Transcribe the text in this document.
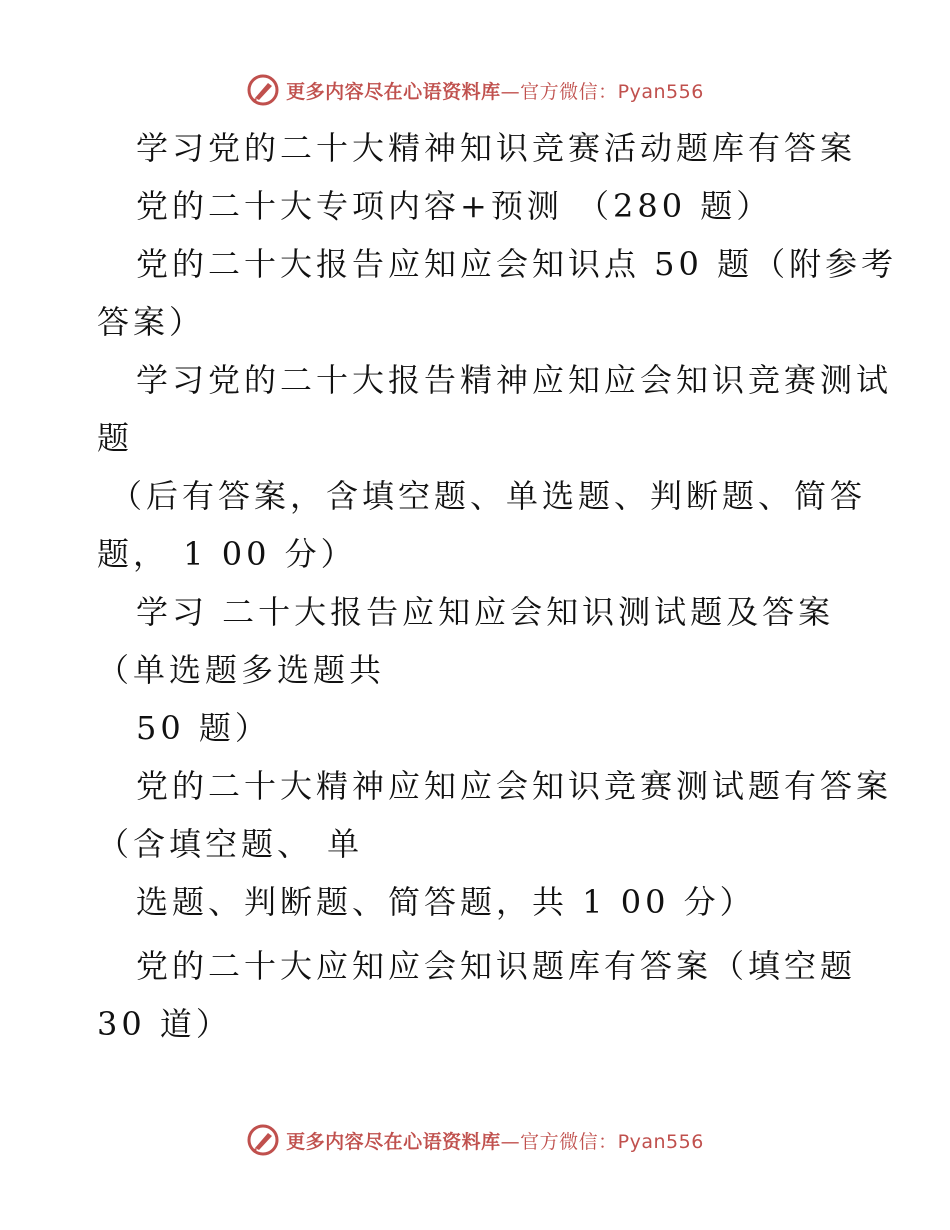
更多内容尽在心语资料库—官方微信：Pyan556
学习党的二十大精神知识竞赛活动题库有答案
党的二十大专项内容+预测 （280 题）
党的二十大报告应知应会知识点 50 题（附参考
答案）
学习党的二十大报告精神应知应会知识竞赛测试
题
（后有答案，含填空题、单选题、判断题、简答
题， 1 00 分）
学习 二十大报告应知应会知识测试题及答案
（单选题多选题共
50 题）
党的二十大精神应知应会知识竞赛测试题有答案
（含填空题、 单
选题、判断题、简答题，共 1 00 分）
党的二十大应知应会知识题库有答案（填空题
30 道）
更多内容尽在心语资料库—官方微信：Pyan556
